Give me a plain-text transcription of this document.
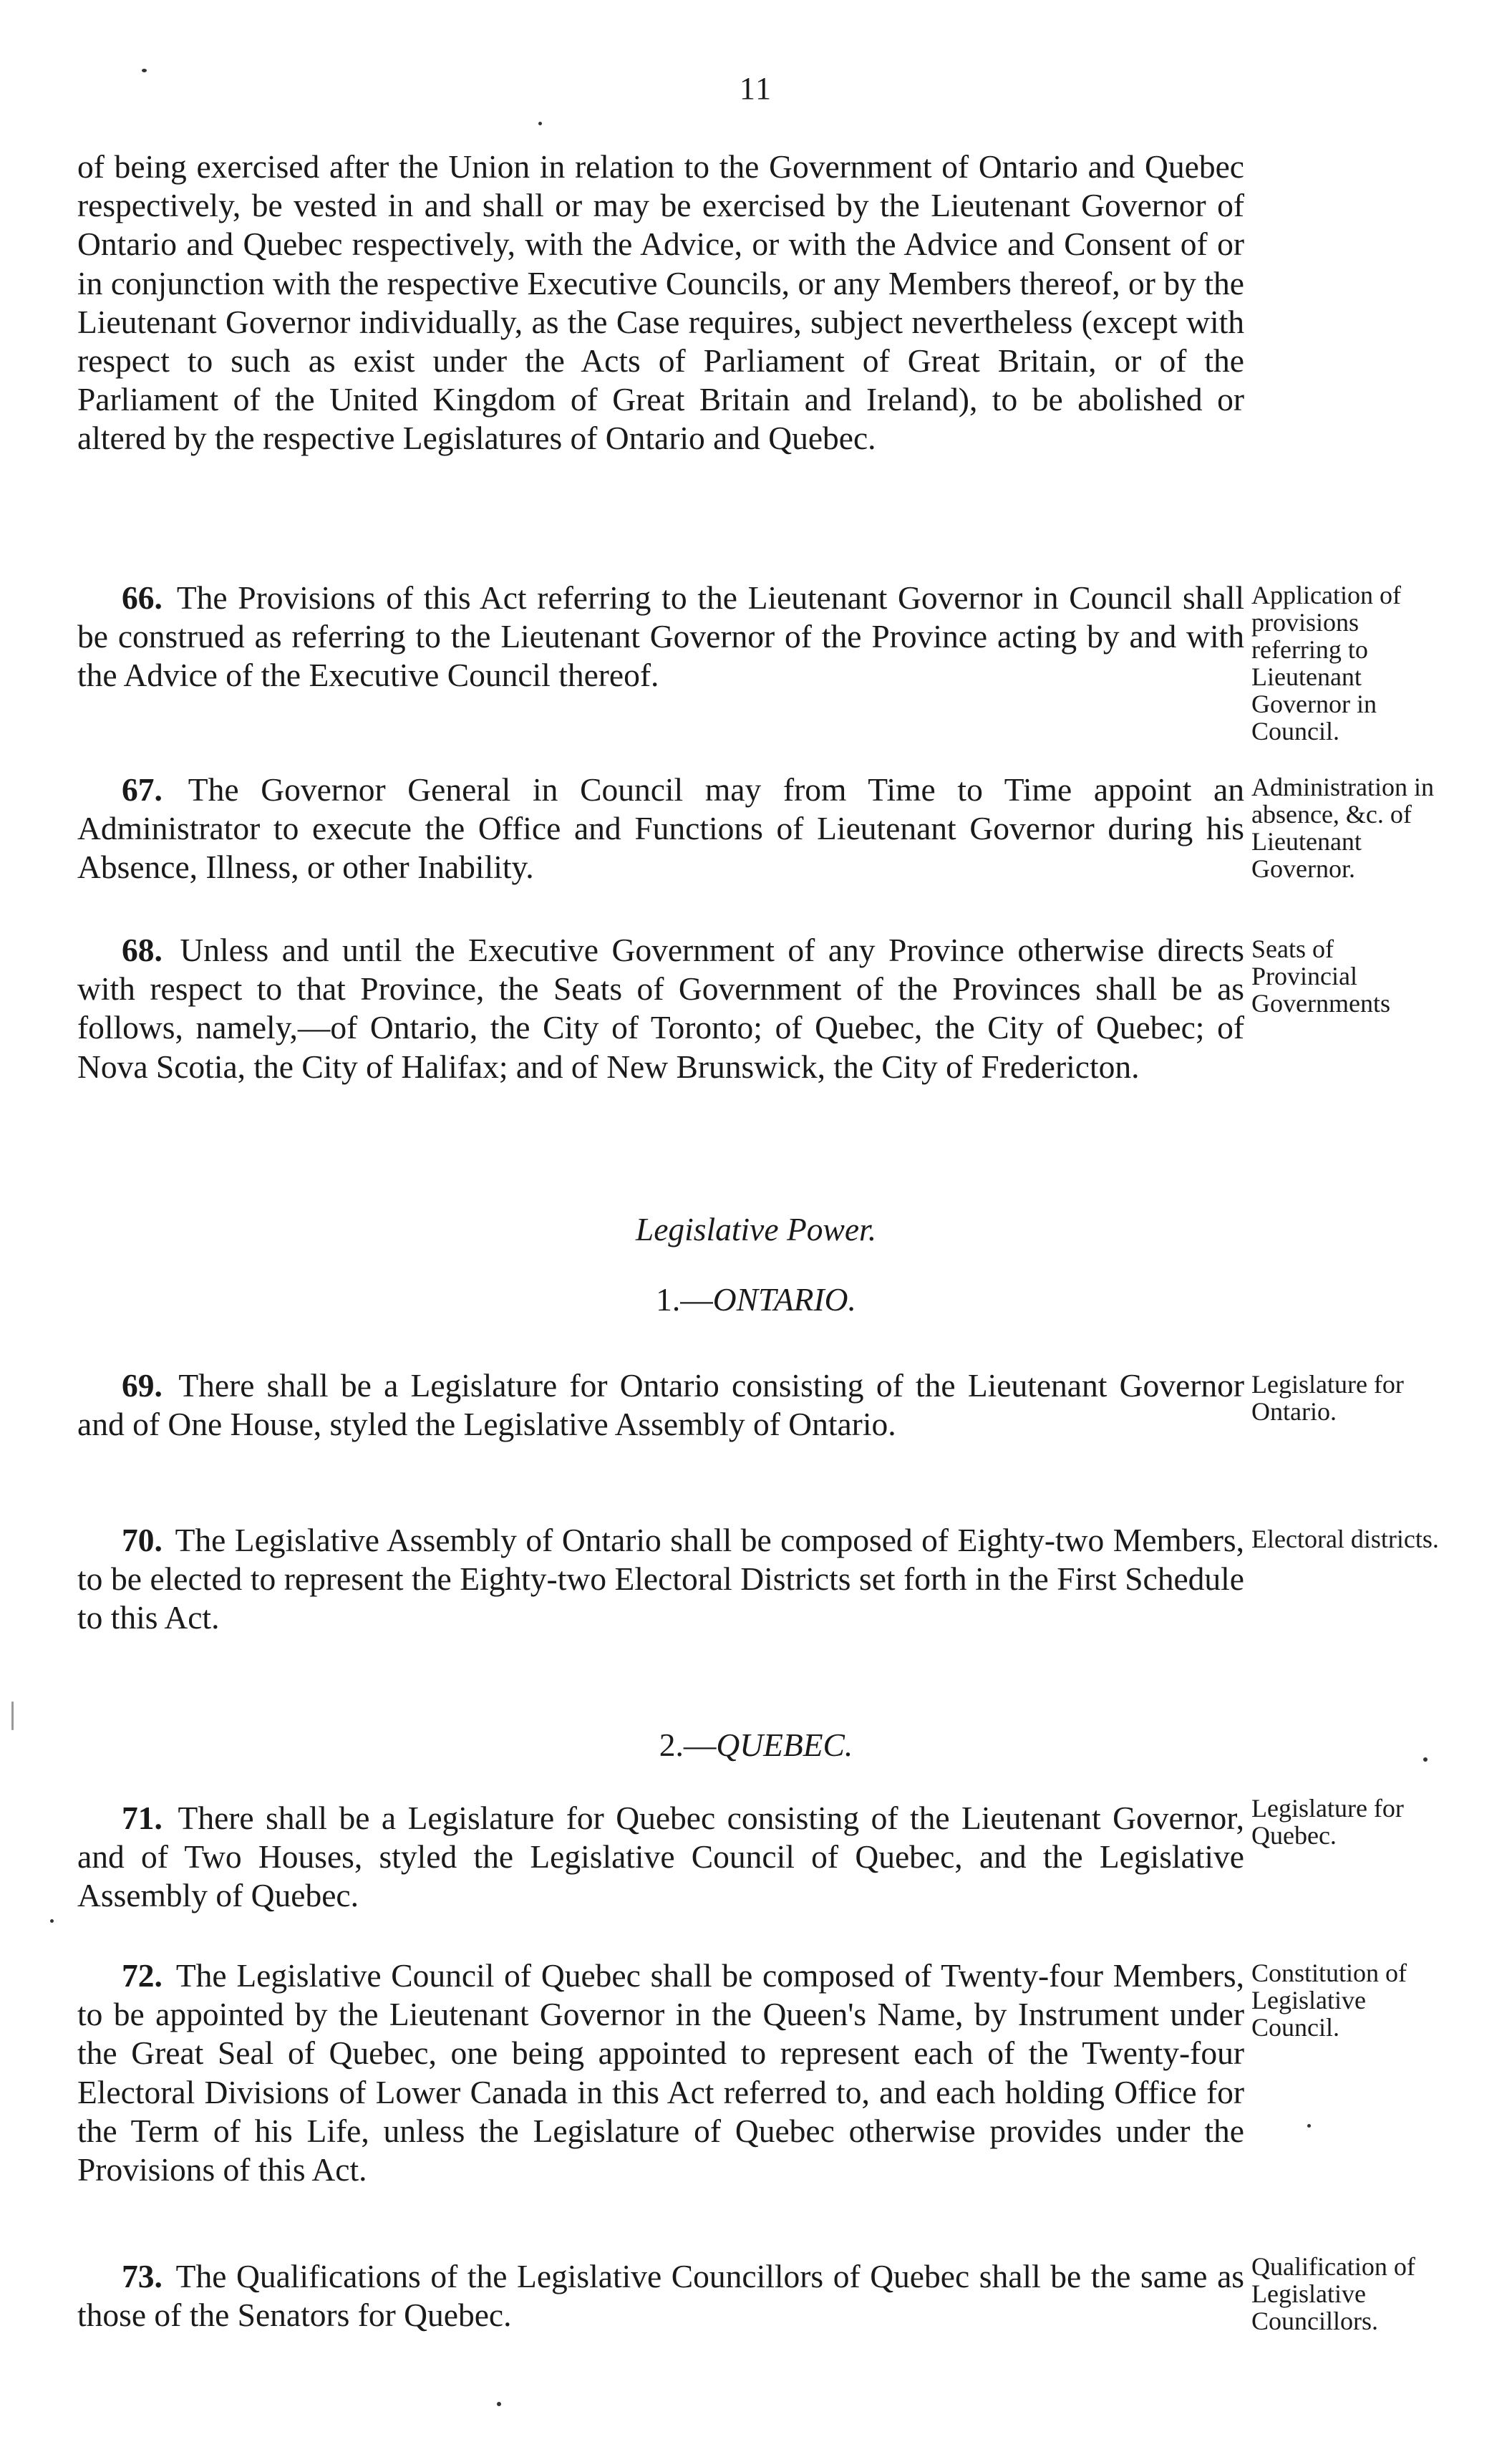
11
of being exercised after the Union in relation to the Government of Ontario and Quebec respectively, be vested in and shall or may be exercised by the Lieutenant Governor of Ontario and Quebec respectively, with the Advice, or with the Advice and Consent of or in conjunction with the respective Executive Councils, or any Members thereof, or by the Lieutenant Governor individually, as the Case requires, subject nevertheless (except with respect to such as exist under the Acts of Parliament of Great Britain, or of the Parliament of the United Kingdom of Great Britain and Ireland), to be abolished or altered by the respective Legislatures of Ontario and Quebec.
66. The Provisions of this Act referring to the Lieutenant Governor in Council shall be construed as referring to the Lieutenant Governor of the Province acting by and with the Advice of the Executive Council thereof.
Application of provisions referring to Lieutenant Governor in Council.
67. The Governor General in Council may from Time to Time appoint an Administrator to execute the Office and Functions of Lieutenant Governor during his Absence, Illness, or other Inability.
Administration in absence, &c. of Lieutenant Governor.
68. Unless and until the Executive Government of any Province otherwise directs with respect to that Province, the Seats of Government of the Provinces shall be as follows, namely,—of Ontario, the City of Toronto; of Quebec, the City of Quebec; of Nova Scotia, the City of Halifax; and of New Brunswick, the City of Fredericton.
Seats of Provincial Governments
Legislative Power.
1.—ONTARIO.
69. There shall be a Legislature for Ontario consisting of the Lieutenant Governor and of One House, styled the Legislative Assembly of Ontario.
Legislature for Ontario.
70. The Legislative Assembly of Ontario shall be composed of Eighty-two Members, to be elected to represent the Eighty-two Electoral Districts set forth in the First Schedule to this Act.
Electoral districts.
2.—QUEBEC.
71. There shall be a Legislature for Quebec consisting of the Lieutenant Governor, and of Two Houses, styled the Legislative Council of Quebec, and the Legislative Assembly of Quebec.
Legislature for Quebec.
72. The Legislative Council of Quebec shall be composed of Twenty-four Members, to be appointed by the Lieutenant Governor in the Queen's Name, by Instrument under the Great Seal of Quebec, one being appointed to represent each of the Twenty-four Electoral Divisions of Lower Canada in this Act referred to, and each holding Office for the Term of his Life, unless the Legislature of Quebec otherwise provides under the Provisions of this Act.
Constitution of Legislative Council.
73. The Qualifications of the Legislative Councillors of Quebec shall be the same as those of the Senators for Quebec.
Qualification of Legislative Councillors.
